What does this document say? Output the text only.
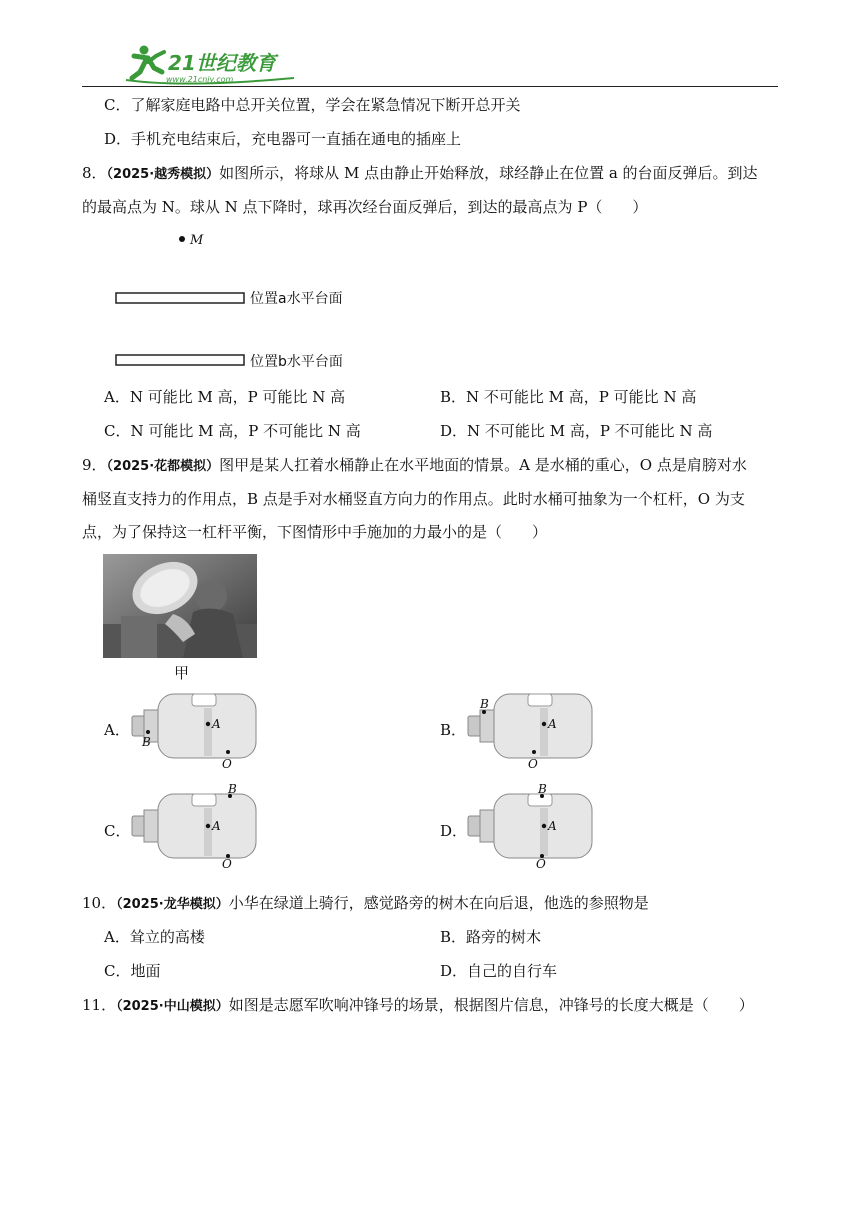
21世纪教育
www.21cnjy.com
C．了解家庭电路中总开关位置，学会在紧急情况下断开总开关
D．手机充电结束后，充电器可一直插在通电的插座上
8．（2025·越秀模拟）如图所示，将球从 M 点由静止开始释放，球经静止在位置 a 的台面反弹后。到达
的最高点为 N。球从 N 点下降时，球再次经台面反弹后，到达的最高点为 P（　　）
M
位置a水平台面
位置b水平台面
A．N 可能比 M 高，P 可能比 N 高	B．N 不可能比 M 高，P 可能比 N 高
C．N 可能比 M 高，P 不可能比 N 高	D．N 不可能比 M 高，P 不可能比 N 高
9．（2025·花都模拟）图甲是某人扛着水桶静止在水平地面的情景。A 是水桶的重心，O 点是肩膀对水
桶竖直支持力的作用点，B 点是手对水桶竖直方向力的作用点。此时水桶可抽象为一个杠杆，O 为支
点，为了保持这一杠杆平衡，下图情形中手施加的力最小的是（　　）
甲
A．	A
B
O
B．	A
B
O
C．	A
B
O
D．	A
B
O
10．（2025·龙华模拟）小华在绿道上骑行，感觉路旁的树木在向后退，他选的参照物是
A．耸立的高楼	B．路旁的树木
C．地面	D．自己的自行车
11．（2025·中山模拟）如图是志愿军吹响冲锋号的场景，根据图片信息，冲锋号的长度大概是（　　）
